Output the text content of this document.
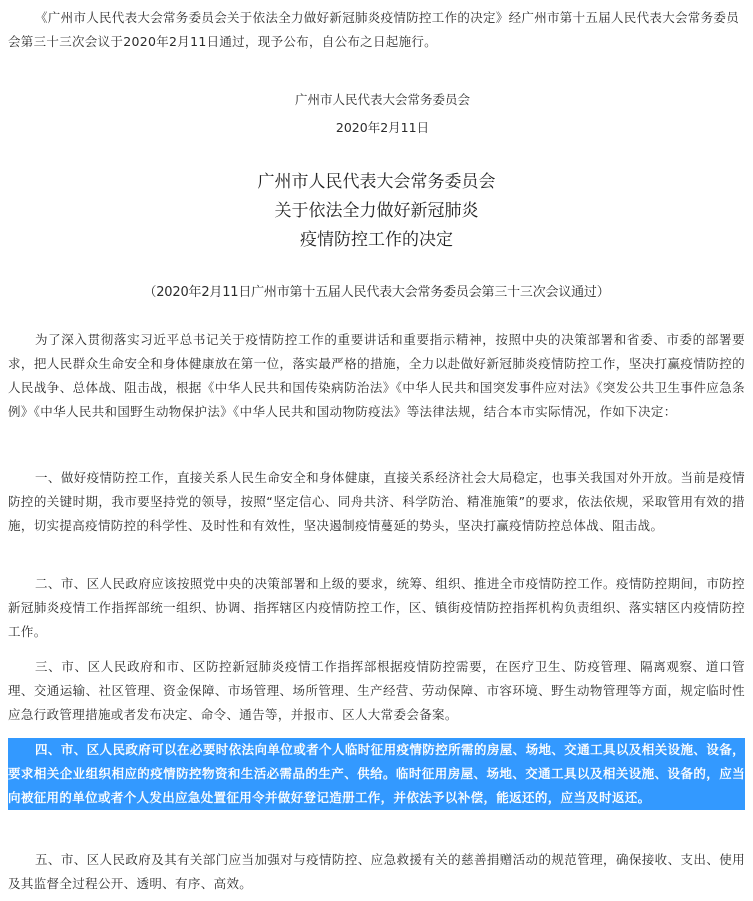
《广州市人民代表大会常务委员会关于依法全力做好新冠肺炎疫情防控工作的决定》经广州市第十五届人民代表大会常务委员会第三十三次会议于2020年2月11日通过，现予公布，自公布之日起施行。
广州市人民代表大会常务委员会
2020年2月11日
广州市人民代表大会常务委员会
关于依法全力做好新冠肺炎
疫情防控工作的决定
（2020年2月11日广州市第十五届人民代表大会常务委员会第三十三次会议通过）
为了深入贯彻落实习近平总书记关于疫情防控工作的重要讲话和重要指示精神，按照中央的决策部署和省委、市委的部署要求，把人民群众生命安全和身体健康放在第一位，落实最严格的措施，全力以赴做好新冠肺炎疫情防控工作，坚决打赢疫情防控的人民战争、总体战、阻击战，根据《中华人民共和国传染病防治法》《中华人民共和国突发事件应对法》《突发公共卫生事件应急条例》《中华人民共和国野生动物保护法》《中华人民共和国动物防疫法》等法律法规，结合本市实际情况，作如下决定：
一、做好疫情防控工作，直接关系人民生命安全和身体健康，直接关系经济社会大局稳定，也事关我国对外开放。当前是疫情防控的关键时期，我市要坚持党的领导，按照“坚定信心、同舟共济、科学防治、精准施策”的要求，依法依规，采取管用有效的措施，切实提高疫情防控的科学性、及时性和有效性，坚决遏制疫情蔓延的势头，坚决打赢疫情防控总体战、阻击战。
二、市、区人民政府应该按照党中央的决策部署和上级的要求，统筹、组织、推进全市疫情防控工作。疫情防控期间，市防控新冠肺炎疫情工作指挥部统一组织、协调、指挥辖区内疫情防控工作，区、镇街疫情防控指挥机构负责组织、落实辖区内疫情防控工作。
三、市、区人民政府和市、区防控新冠肺炎疫情工作指挥部根据疫情防控需要，在医疗卫生、防疫管理、隔离观察、道口管理、交通运输、社区管理、资金保障、市场管理、场所管理、生产经营、劳动保障、市容环境、野生动物管理等方面，规定临时性应急行政管理措施或者发布决定、命令、通告等，并报市、区人大常委会备案。
四、市、区人民政府可以在必要时依法向单位或者个人临时征用疫情防控所需的房屋、场地、交通工具以及相关设施、设备，要求相关企业组织相应的疫情防控物资和生活必需品的生产、供给。临时征用房屋、场地、交通工具以及相关设施、设备的，应当向被征用的单位或者个人发出应急处置征用令并做好登记造册工作，并依法予以补偿，能返还的，应当及时返还。
五、市、区人民政府及其有关部门应当加强对与疫情防控、应急救援有关的慈善捐赠活动的规范管理，确保接收、支出、使用及其监督全过程公开、透明、有序、高效。
